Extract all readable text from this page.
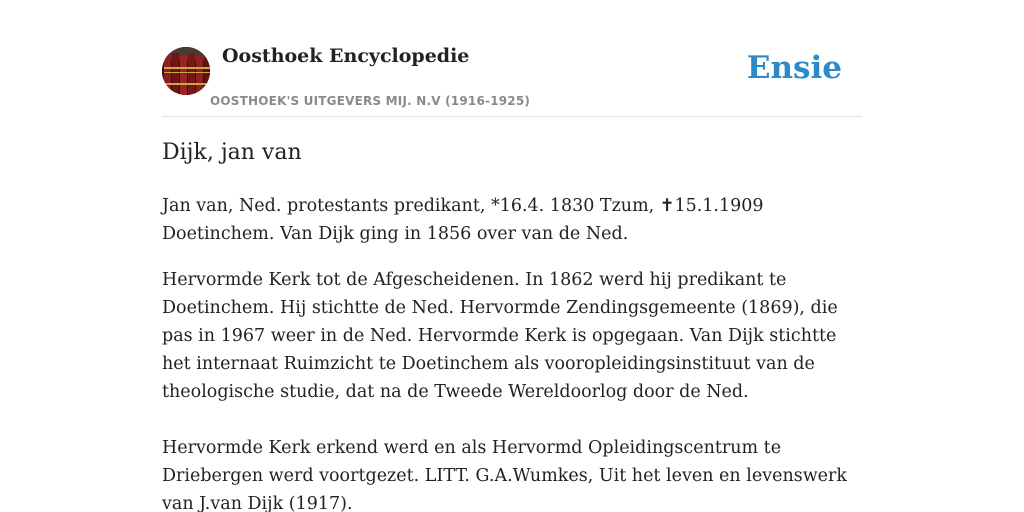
Oosthoek Encyclopedie
OOSTHOEK'S UITGEVERS MIJ. N.V (1916-1925)
Ensie
Dijk, jan van

Jan van, Ned. protestants predikant, *16.4. 1830 Tzum, ✝15.1.1909 Doetinchem. Van Dijk ging in 1856 over van de Ned.

Hervormde Kerk tot de Afgescheidenen. In 1862 werd hij predikant te Doetinchem. Hij stichtte de Ned. Hervormde Zendingsgemeente (1869), die pas in 1967 weer in de Ned. Hervormde Kerk is opgegaan. Van Dijk stichtte het internaat Ruimzicht te Doetinchem als vooropleidingsinstituut van de theologische studie, dat na de Tweede Wereldoorlog door de Ned.

Hervormde Kerk erkend werd en als Hervormd Opleidingscentrum te Driebergen werd voortgezet. LITT. G.A.Wumkes, Uit het leven en levenswerk van J.van Dijk (1917).
